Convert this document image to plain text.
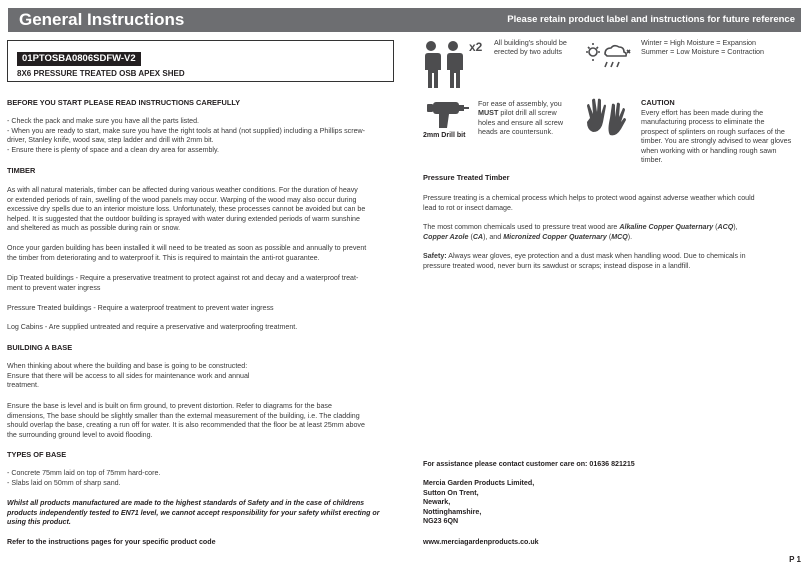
General Instructions	Please retain product label and instructions for future reference
01PTOSBA0806SDFW-V2
8X6 PRESSURE TREATED OSB APEX SHED
BEFORE YOU START PLEASE READ INSTRUCTIONS CAREFULLY
- Check the pack and make sure you have all the parts listed.
- When you are ready to start, make sure you have the right tools at hand (not supplied) including a Phillips screw-
driver, Stanley knife, wood saw, step ladder and drill with 2mm bit.
- Ensure there is plenty of space and a clean dry area for assembly.
TIMBER
As with all natural materials, timber can be affected during various weather conditions. For the duration of heavy
or extended periods of rain, swelling of the wood panels may occur. Warping of the wood may also occur during
excessive dry spells due to an interior moisture loss. Unfortunately, these processes cannot be avoided but can be
helped. It is suggested that the outdoor building is sprayed with water during extended periods of warm sunshine
and sheltered as much as possible during rain or snow.
Once your garden building has been installed it will need to be treated as soon as possible and annually to prevent
the timber from deteriorating and to waterproof it. This is required to maintain the anti-rot guarantee.
Dip Treated buildings - Require a preservative treatment to protect against rot and decay and a waterproof treat-
ment to prevent water ingress
Pressure Treated buildings - Require a waterproof treatment to prevent water ingress
Log Cabins - Are supplied untreated and require a preservative and waterproofing treatment.
BUILDING A BASE
When thinking about where the building and base is going to be constructed:
Ensure that there will be access to all sides for maintenance work and annual
treatment.
Ensure the base is level and is built on firm ground, to prevent distortion. Refer to diagrams for the base
dimensions, The base should be slightly smaller than the external measurement of the building, i.e. The cladding
should overlap the base, creating a run off for water. It is also recommended that the floor be at least 25mm above
the surrounding ground level to avoid flooding.
TYPES OF BASE
- Concrete 75mm laid on top of 75mm hard-core.
- Slabs laid on 50mm of sharp sand.
Whilst all products manufactured are made to the highest standards of Safety and in the case of childrens
products independently tested to EN71 level, we cannot accept responsibility for your safety whilst erecting or
using this product.
Refer to the instructions pages for your specific product code
x2 All building's should be
erected by two adults
Winter = High Moisture = Expansion
Summer = Low Moisture = Contraction
2mm Drill bit
For ease of assembly, you
MUST pilot drill all screw
holes and ensure all screw
heads are countersunk.
CAUTION
Every effort has been made during the
manufacturing process to eliminate the
prospect of splinters on rough surfaces of the
timber. You are strongly advised to wear gloves
when working with or handling rough sawn
timber.
Pressure Treated Timber
Pressure treating is a chemical process which helps to protect wood against adverse weather which could
lead to rot or insect damage.
The most common chemicals used to pressure treat wood are Alkaline Copper Quaternary (ACQ),
Copper Azole (CA), and Micronized Copper Quaternary (MCQ).
Safety: Always wear gloves, eye protection and a dust mask when handling wood. Due to chemicals in
pressure treated wood, never burn its sawdust or scraps; instead dispose in a landfill.
For assistance please contact customer care on: 01636 821215
Mercia Garden Products Limited,
Sutton On Trent,
Newark,
Nottinghamshire,
NG23 6QN
www.merciagardenproducts.co.uk
P 1
